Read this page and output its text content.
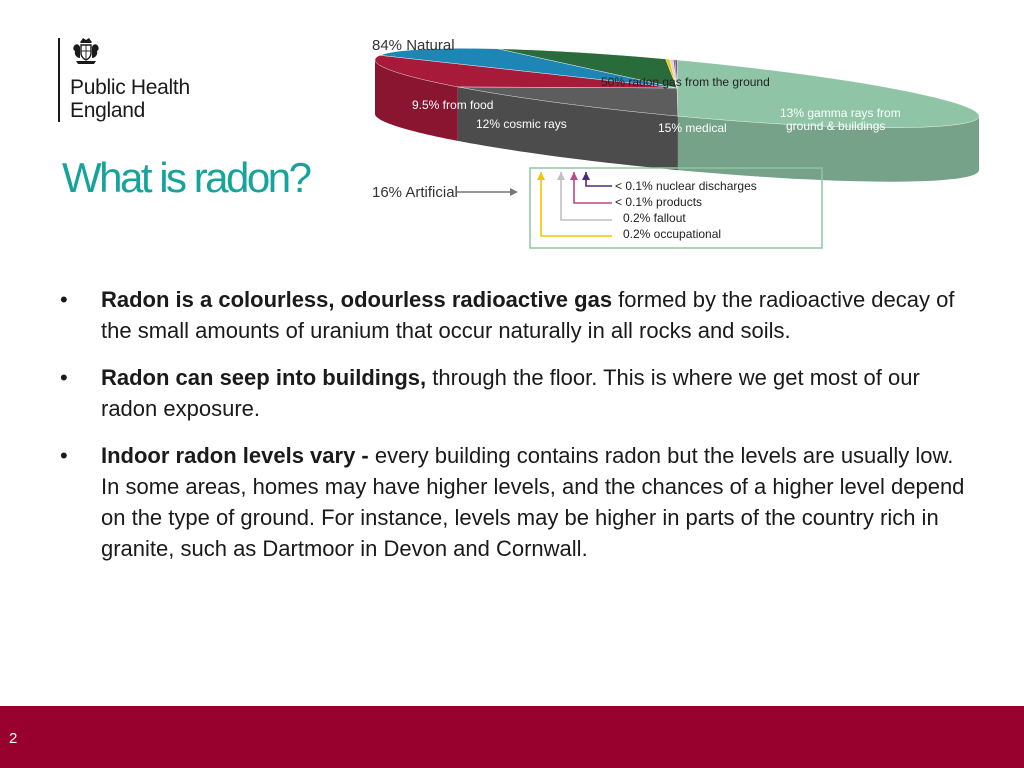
Public Health
England
What is radon?
84% Natural
50% radon gas from the ground
9.5% from food
12% cosmic rays	15% medical
13% gamma rays from
ground & buildings
16% Artificial	< 0.1% nuclear discharges
< 0.1% products
0.2% fallout
0.2% occupational
• Radon is a colourless, odourless radioactive gas formed by the radioactive decay of the small amounts of uranium that occur naturally in all rocks and soils.
• Radon can seep into buildings, through the floor. This is where we get most of our radon exposure.
• Indoor radon levels vary - every building contains radon but the levels are usually low. In some areas, homes may have higher levels, and the chances of a higher level depend on the type of ground. For instance, levels may be higher in parts of the country rich in granite, such as Dartmoor in Devon and Cornwall.
2
